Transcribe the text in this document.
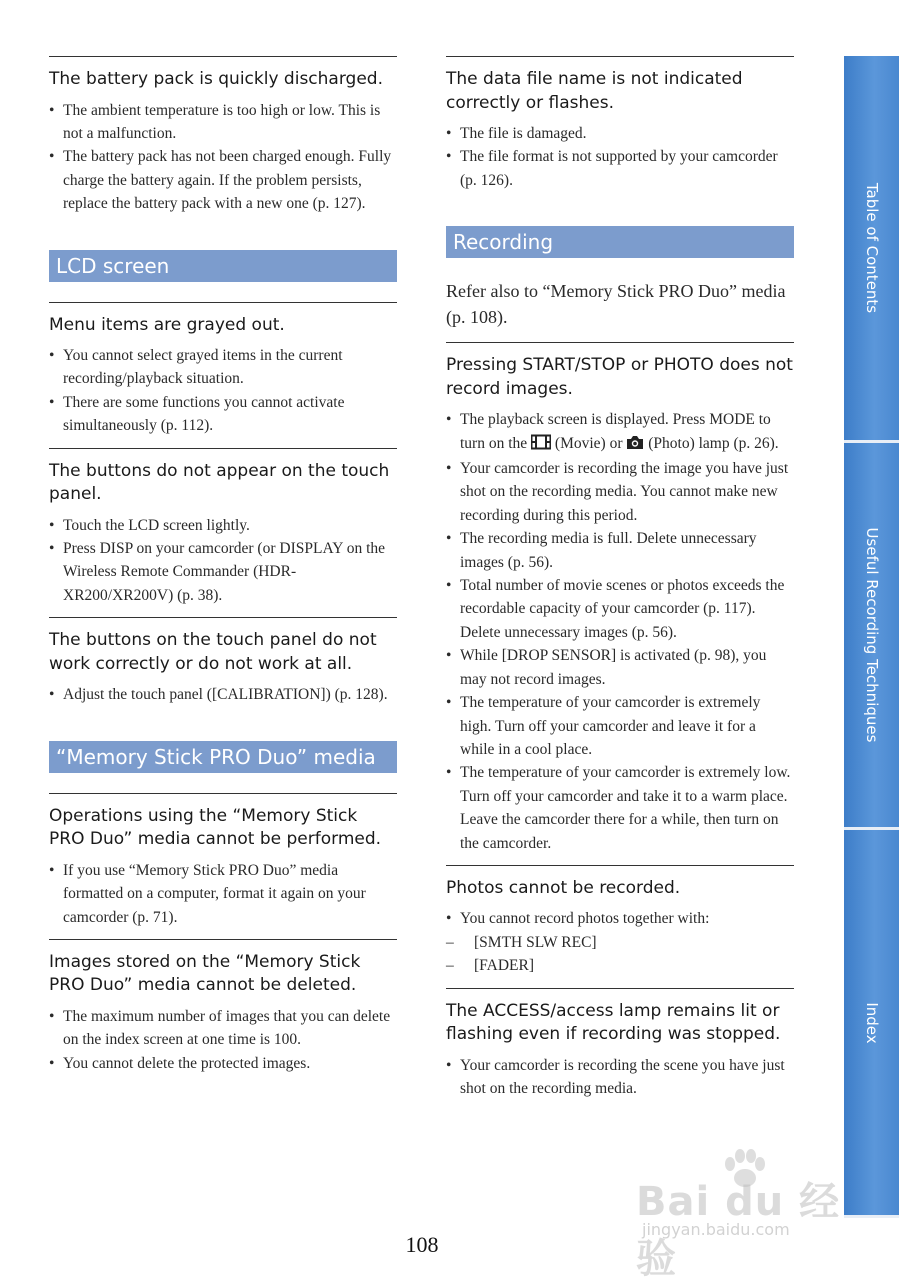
The battery pack is quickly discharged.
• The ambient temperature is too high or low. This is not a malfunction.
• The battery pack has not been charged enough. Fully charge the battery again. If the problem persists, replace the battery pack with a new one (p. 127).
LCD screen
Menu items are grayed out.
• You cannot select grayed items in the current recording/playback situation.
• There are some functions you cannot activate simultaneously (p. 112).
The buttons do not appear on the touch panel.
• Touch the LCD screen lightly.
• Press DISP on your camcorder (or DISPLAY on the Wireless Remote Commander (HDR-XR200/XR200V) (p. 38).
The buttons on the touch panel do not work correctly or do not work at all.
• Adjust the touch panel ([CALIBRATION]) (p. 128).
“Memory Stick PRO Duo” media
Operations using the “Memory Stick PRO Duo” media cannot be performed.
• If you use “Memory Stick PRO Duo” media formatted on a computer, format it again on your camcorder (p. 71).
Images stored on the “Memory Stick PRO Duo” media cannot be deleted.
• The maximum number of images that you can delete on the index screen at one time is 100.
• You cannot delete the protected images.
The data file name is not indicated correctly or flashes.
• The file is damaged.
• The file format is not supported by your camcorder (p. 126).
Recording
Refer also to “Memory Stick PRO Duo” media (p. 108).
Pressing START/STOP or PHOTO does not record images.
• The playback screen is displayed. Press MODE to turn on the (Movie) or (Photo) lamp (p. 26).
• Your camcorder is recording the image you have just shot on the recording media. You cannot make new recording during this period.
• The recording media is full. Delete unnecessary images (p. 56).
• Total number of movie scenes or photos exceeds the recordable capacity of your camcorder (p. 117). Delete unnecessary images (p. 56).
• While [DROP SENSOR] is activated (p. 98), you may not record images.
• The temperature of your camcorder is extremely high. Turn off your camcorder and leave it for a while in a cool place.
• The temperature of your camcorder is extremely low. Turn off your camcorder and take it to a warm place. Leave the camcorder there for a while, then turn on the camcorder.
Photos cannot be recorded.
• You cannot record photos together with:
– [SMTH SLW REC]
– [FADER]
The ACCESS/access lamp remains lit or flashing even if recording was stopped.
• Your camcorder is recording the scene you have just shot on the recording media.
Table of Contents
Useful Recording Techniques
Index
Bai du 经验
jingyan.baidu.com
108
